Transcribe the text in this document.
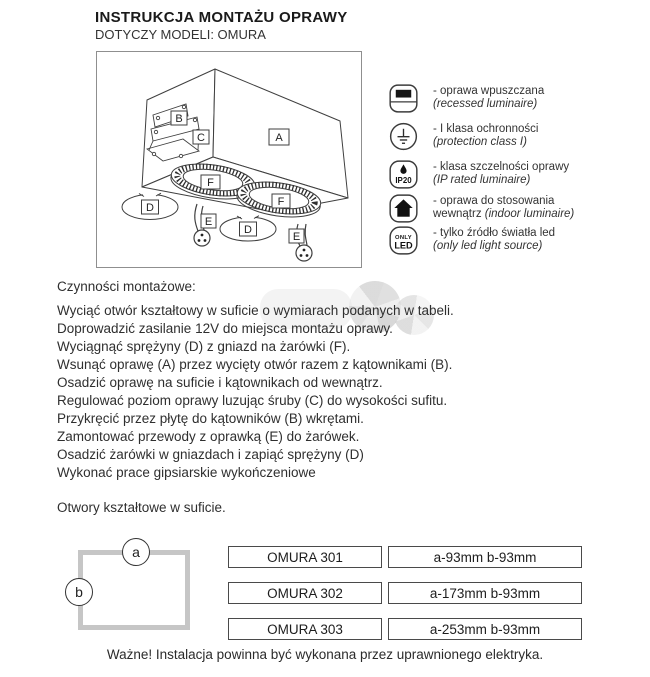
INSTRUKCJA MONTAŻU OPRAWY
DOTYCZY MODELI: OMURA
A
B
C
F
F
D
D
E
E
- oprawa wpuszczana
(recessed luminaire)
- I klasa ochronności
(protection class I)
IP20
- klasa szczelności oprawy
(IP rated luminaire)
- oprawa do stosowania
wewnątrz (indoor luminaire)
ONLY
LED
- tylko źródło światła led
(only led light source)
Czynności montażowe:
Wyciąć otwór kształtowy w suficie o wymiarach podanych w tabeli.
Doprowadzić zasilanie 12V do miejsca montażu oprawy.
Wyciągnąć sprężyny (D) z gniazd na żarówki (F).
Wsunąć oprawę (A) przez wycięty otwór razem z kątownikami (B).
Osadzić oprawę na suficie i kątownikach od wewnątrz.
Regulować poziom oprawy luzując śruby (C) do wysokości sufitu.
Przykręcić przez płytę do kątowników (B) wkrętami.
Zamontować przewody z oprawką (E) do żarówek.
Osadzić żarówki w gniazdach i zapiąć sprężyny (D)
Wykonać prace gipsiarskie wykończeniowe
Otwory kształtowe w suficie.
a
b
OMURA 301	a-93mm b-93mm
OMURA 302	a-173mm b-93mm
OMURA 303	a-253mm b-93mm
Ważne! Instalacja powinna być wykonana przez uprawnionego elektryka.
